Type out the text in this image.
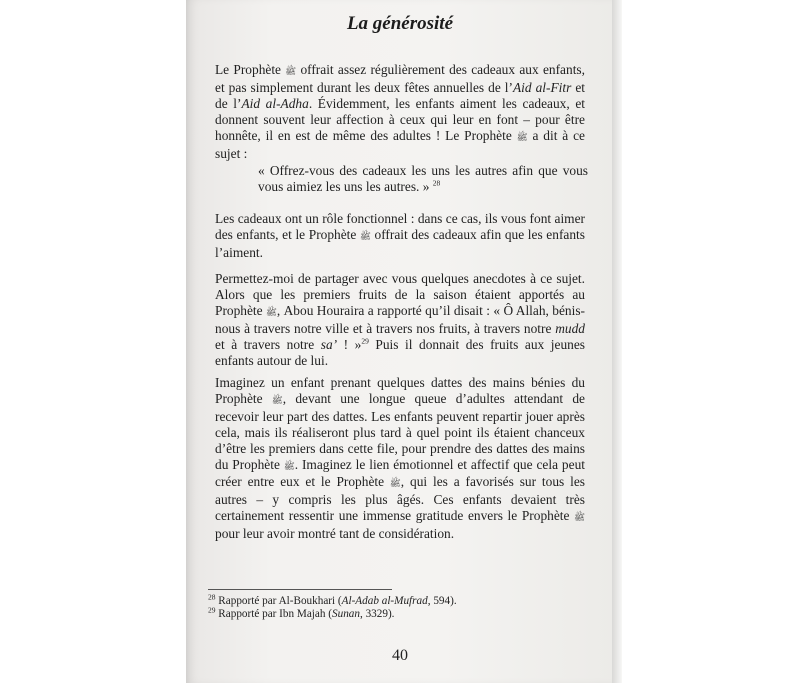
La générosité

Le Prophète ﷺ offrait assez régulièrement des cadeaux aux enfants, et pas simplement durant les deux fêtes annuelles de l’Aid al-Fitr et de l’Aid al-Adha. Évidemment, les enfants aiment les cadeaux, et donnent souvent leur affection à ceux qui leur en font – pour être honnête, il en est de même des adultes ! Le Prophète ﷺ a dit à ce sujet :

« Offrez-vous des cadeaux les uns les autres afin que vous vous aimiez les uns les autres. » $^{28}$

Les cadeaux ont un rôle fonctionnel : dans ce cas, ils vous font aimer des enfants, et le Prophète ﷺ offrait des cadeaux afin que les enfants l’aiment.

Permettez-moi de partager avec vous quelques anecdotes à ce sujet. Alors que les premiers fruits de la saison étaient apportés au Prophète ﷺ, Abou Houraira a rapporté qu’il disait : « Ô Allah, bénis-nous à travers notre ville et à travers nos fruits, à travers notre mudd et à travers notre sa’ ! »$^{29}$ Puis il donnait des fruits aux jeunes enfants autour de lui.

Imaginez un enfant prenant quelques dattes des mains bénies du Prophète ﷺ, devant une longue queue d’adultes attendant de recevoir leur part des dattes. Les enfants peuvent repartir jouer après cela, mais ils réaliseront plus tard à quel point ils étaient chanceux d’être les premiers dans cette file, pour prendre des dattes des mains du Prophète ﷺ. Imaginez le lien émotionnel et affectif que cela peut créer entre eux et le Prophète ﷺ, qui les a favorisés sur tous les autres – y compris les plus âgés. Ces enfants devaient très certainement ressentir une immense gratitude envers le Prophète ﷺ pour leur avoir montré tant de considération.

$^{28}$ Rapporté par Al-Boukhari (Al-Adab al-Mufrad, 594).
$^{29}$ Rapporté par Ibn Majah (Sunan, 3329).
40
